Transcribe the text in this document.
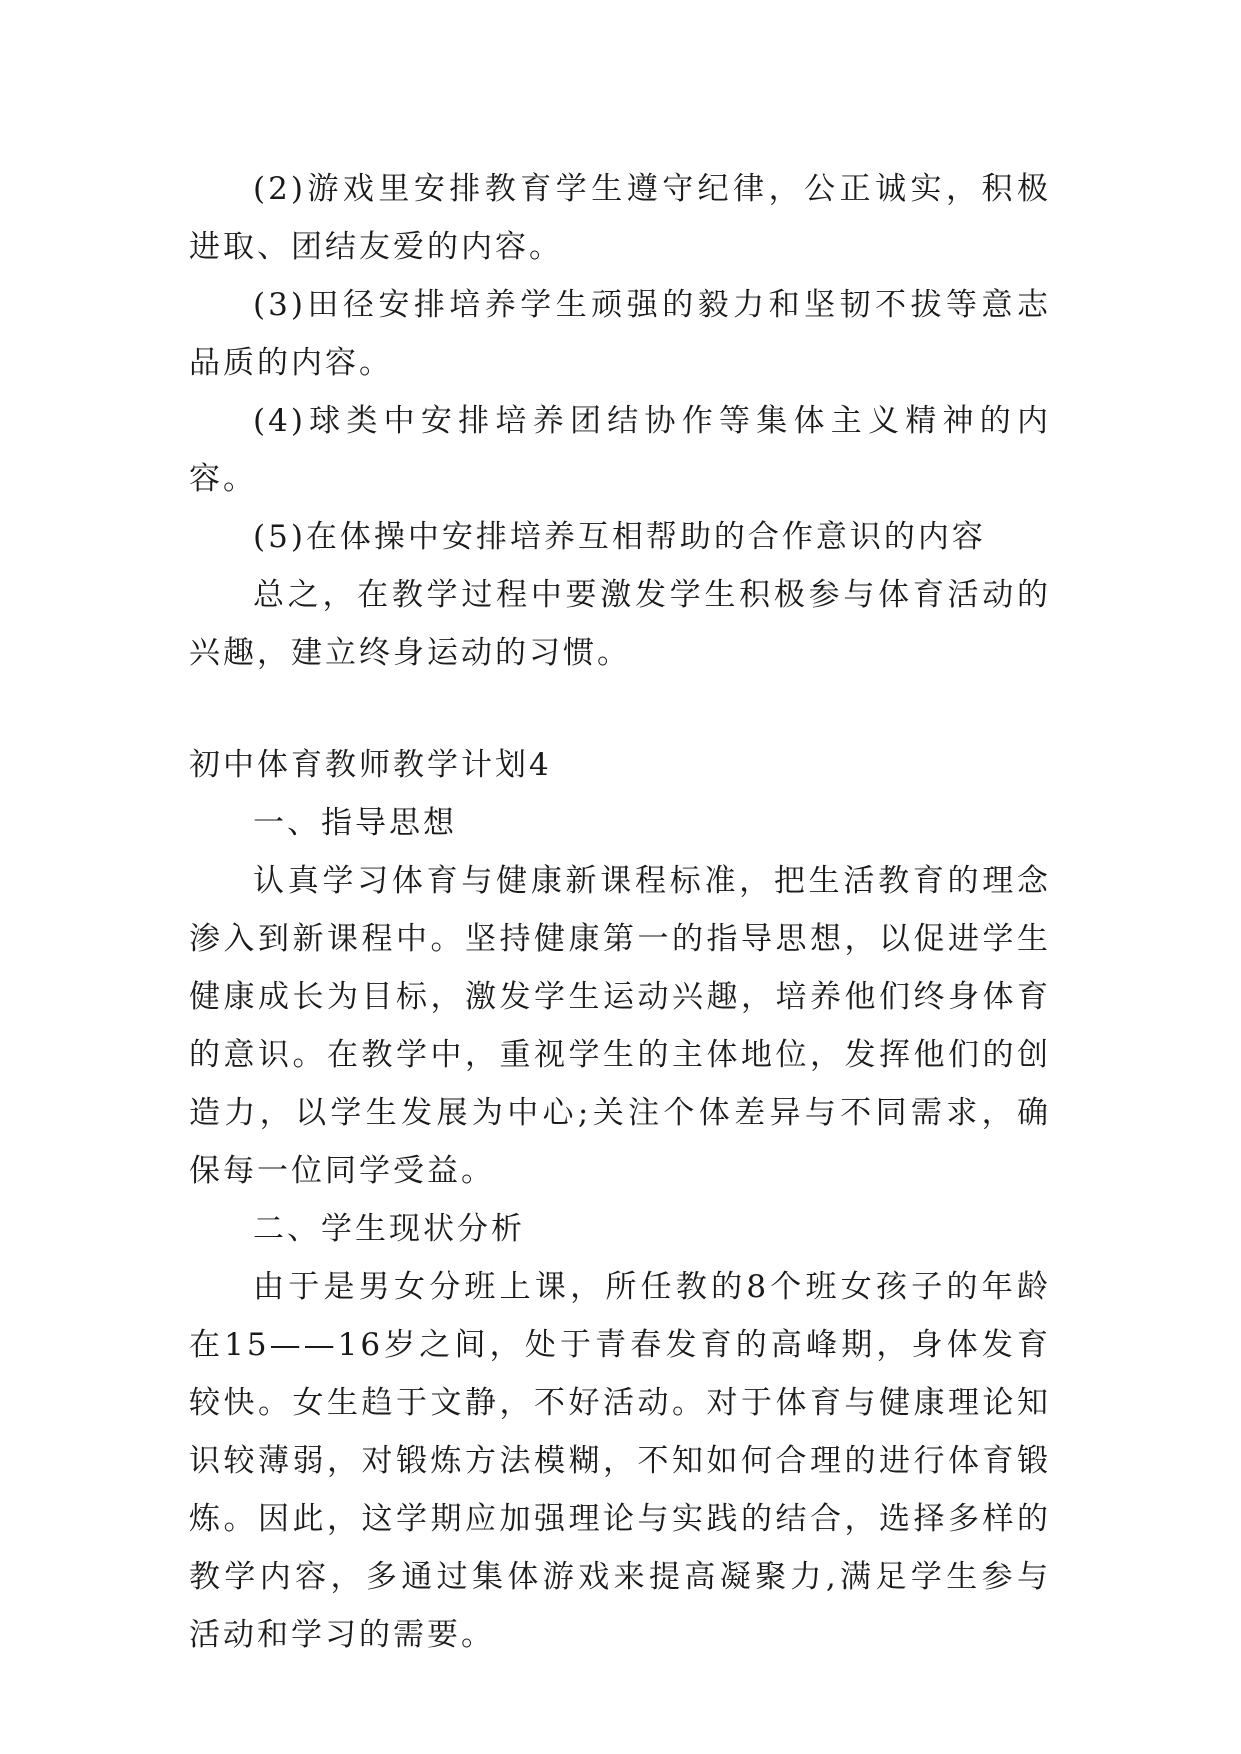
(2)游戏里安排教育学生遵守纪律，公正诚实，积极进取、团结友爱的内容。

(3)田径安排培养学生顽强的毅力和坚韧不拔等意志品质的内容。

(4)球类中安排培养团结协作等集体主义精神的内容。

(5)在体操中安排培养互相帮助的合作意识的内容

总之，在教学过程中要激发学生积极参与体育活动的兴趣，建立终身运动的习惯。

初中体育教师教学计划4

一、指导思想

认真学习体育与健康新课程标准，把生活教育的理念渗入到新课程中。坚持健康第一的指导思想，以促进学生健康成长为目标，激发学生运动兴趣，培养他们终身体育的意识。在教学中，重视学生的主体地位，发挥他们的创造力，以学生发展为中心;关注个体差异与不同需求，确保每一位同学受益。

二、学生现状分析

由于是男女分班上课，所任教的8个班女孩子的年龄在15——16岁之间，处于青春发育的高峰期，身体发育较快。女生趋于文静，不好活动。对于体育与健康理论知识较薄弱，对锻炼方法模糊，不知如何合理的进行体育锻炼。因此，这学期应加强理论与实践的结合，选择多样的教学内容，多通过集体游戏来提高凝聚力,满足学生参与活动和学习的需要。
